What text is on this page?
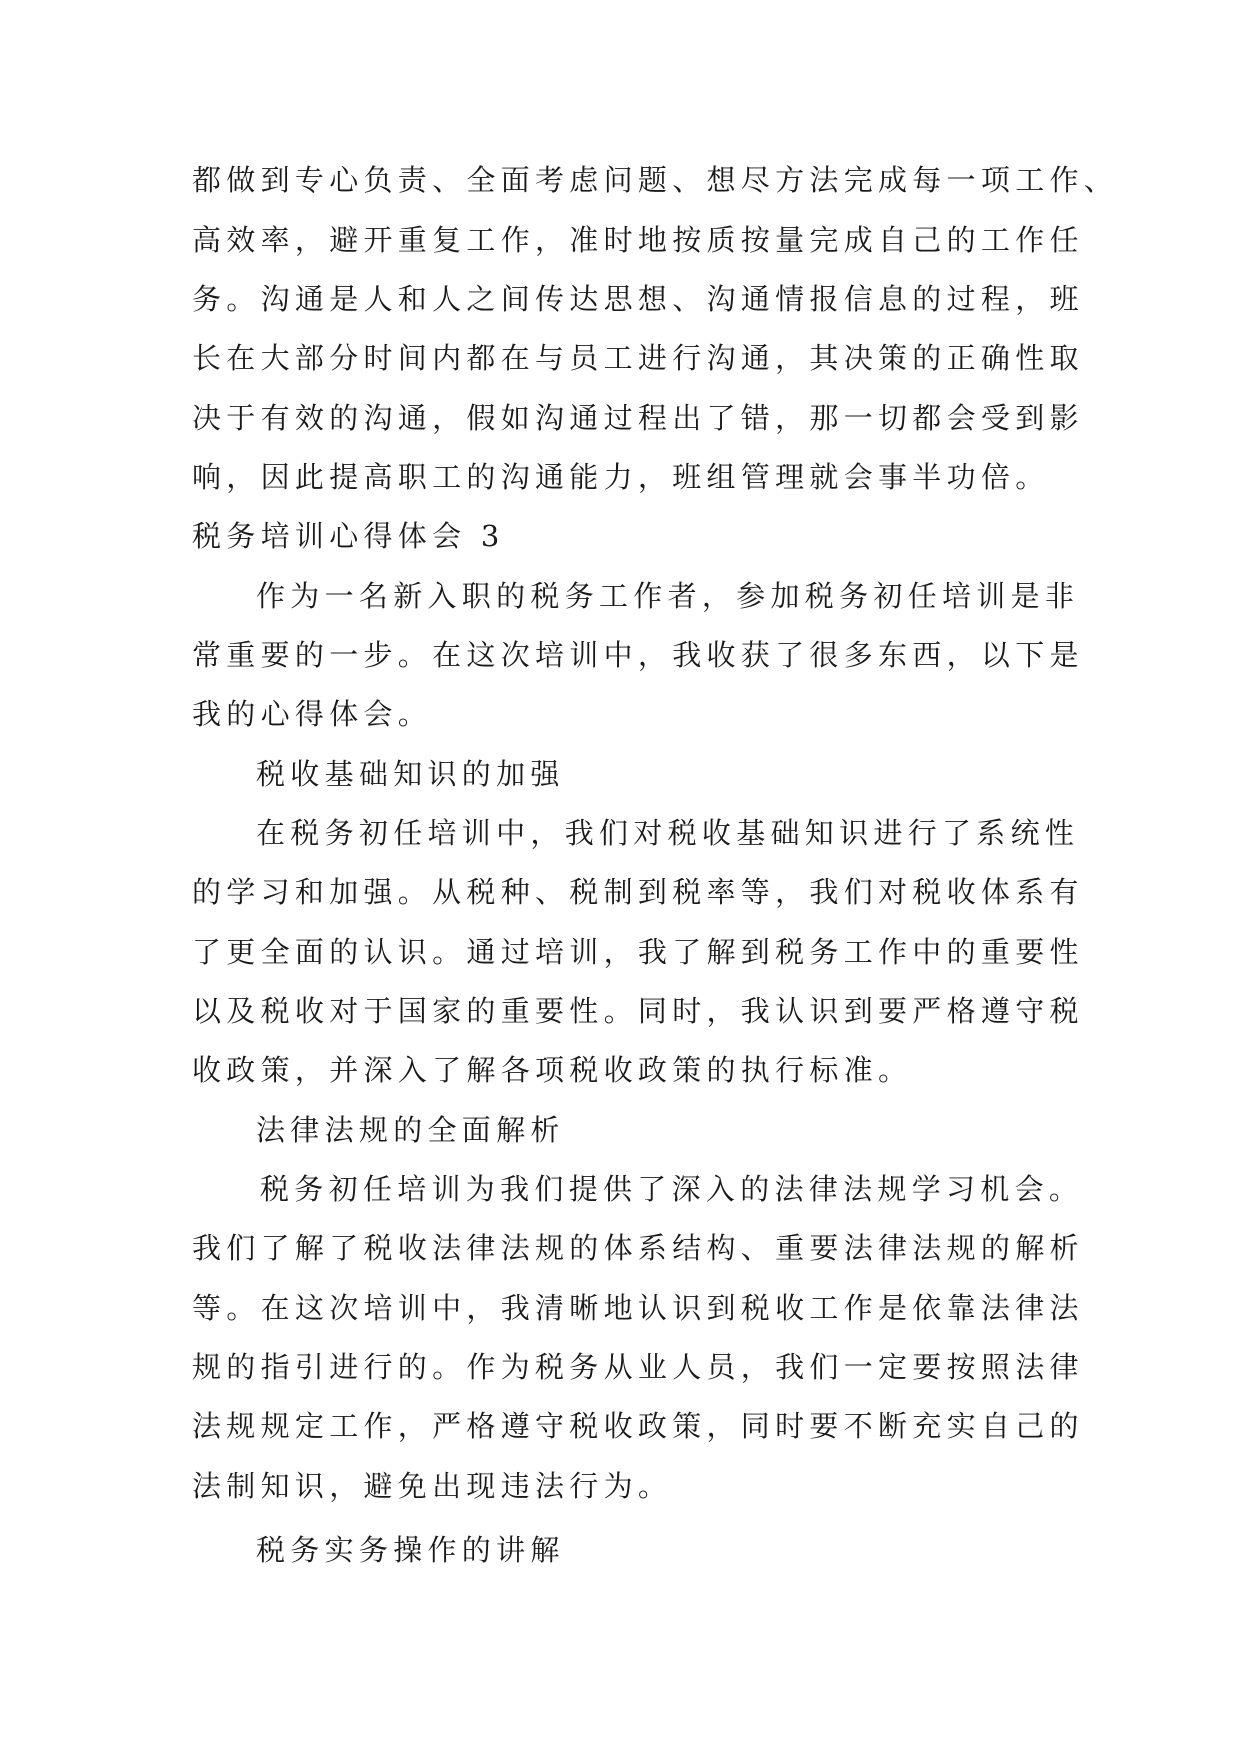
都做到专心负责、全面考虑问题、想尽方法完成每一项工作、
高效率，避开重复工作，准时地按质按量完成自己的工作任
务。沟通是人和人之间传达思想、沟通情报信息的过程，班
长在大部分时间内都在与员工进行沟通，其决策的正确性取
决于有效的沟通，假如沟通过程出了错，那一切都会受到影
响，因此提高职工的沟通能力，班组管理就会事半功倍。
税务培训心得体会 3
作为一名新入职的税务工作者，参加税务初任培训是非
常重要的一步。在这次培训中，我收获了很多东西，以下是
我的心得体会。
税收基础知识的加强
在税务初任培训中，我们对税收基础知识进行了系统性
的学习和加强。从税种、税制到税率等，我们对税收体系有
了更全面的认识。通过培训，我了解到税务工作中的重要性
以及税收对于国家的重要性。同时，我认识到要严格遵守税
收政策，并深入了解各项税收政策的执行标准。
法律法规的全面解析
税务初任培训为我们提供了深入的法律法规学习机会。
我们了解了税收法律法规的体系结构、重要法律法规的解析
等。在这次培训中，我清晰地认识到税收工作是依靠法律法
规的指引进行的。作为税务从业人员，我们一定要按照法律
法规规定工作，严格遵守税收政策，同时要不断充实自己的
法制知识，避免出现违法行为。
税务实务操作的讲解
